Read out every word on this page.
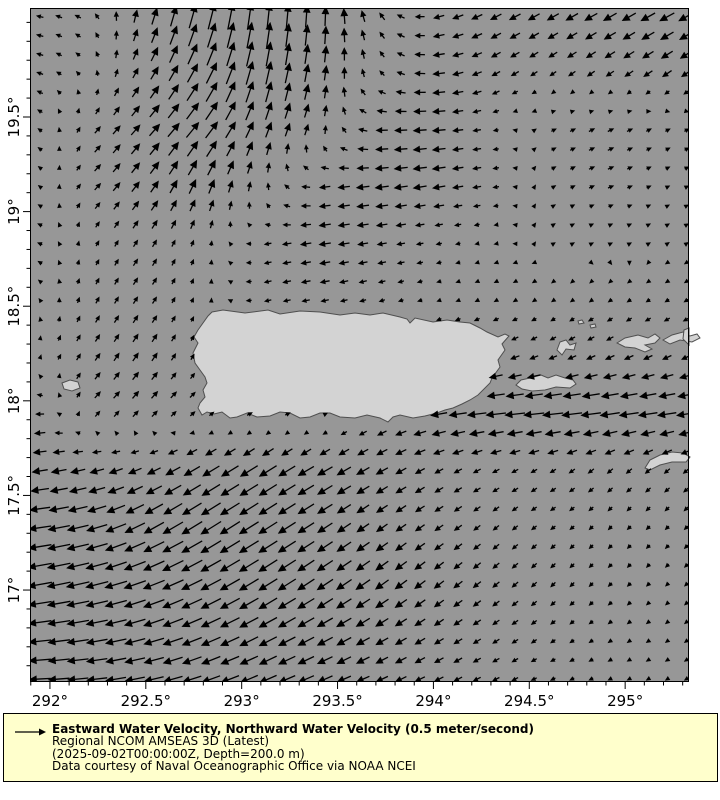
292°	292.5°	293°	293.5°	294°	294.5°	295°
19.5°
19°
18.5°
18°
17.5°
17°
Eastward Water Velocity, Northward Water Velocity (0.5 meter/second)
Regional NCOM AMSEAS 3D (Latest)
(2025-09-02T00:00:00Z, Depth=200.0 m)
Data courtesy of Naval Oceanographic Office via NOAA NCEI
